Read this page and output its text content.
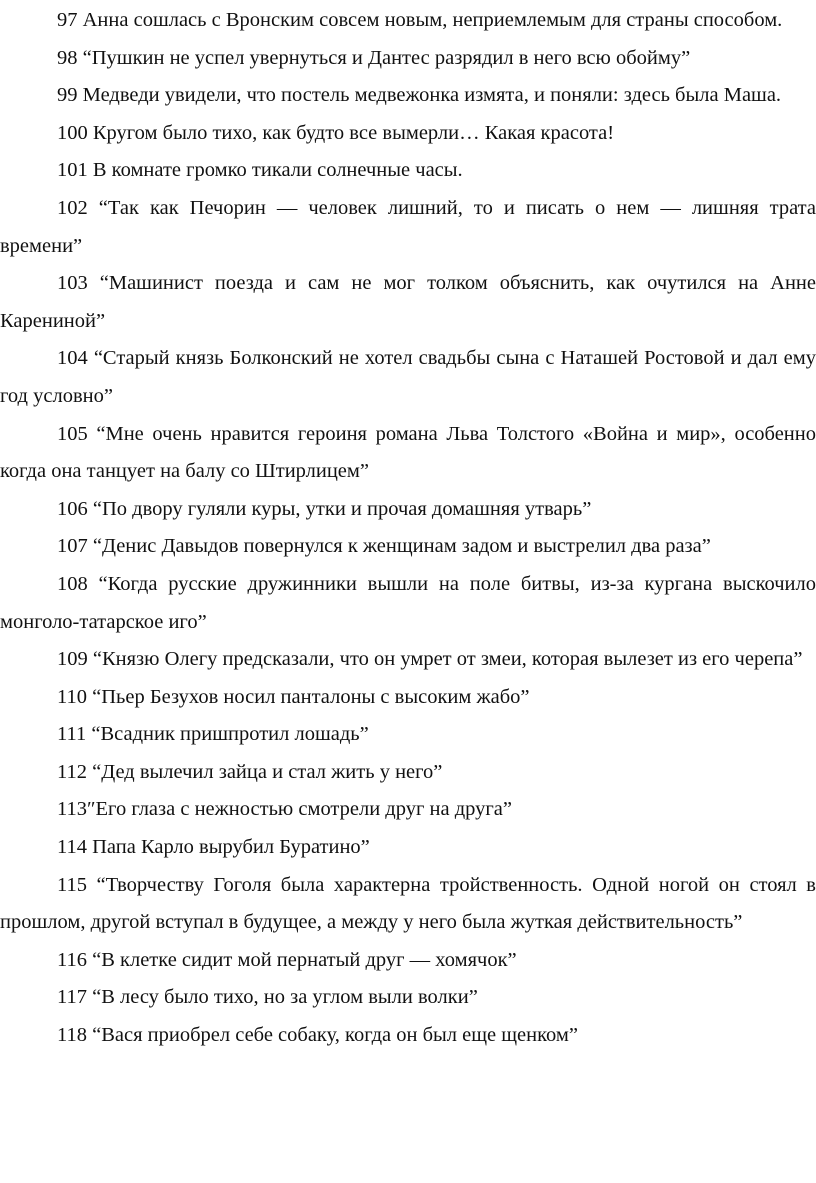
97 Анна сошлась с Вронским совсем новым, неприемлемым для страны способом.

98 “Пушкин не успел увернуться и Дантес разрядил в него всю обойму”

99 Медведи увидели, что постель медвежонка измята, и поняли: здесь была Маша.

100 Кругом было тихо, как будто все вымерли… Какая красота!

101 В комнате громко тикали солнечные часы.

102 “Так как Печорин — человек лишний, то и писать о нем — лишняя трата времени”

103 “Машинист поезда и сам не мог толком объяснить, как очутился на Анне Карениной”

104 “Старый князь Болконский не хотел свадьбы сына с Наташей Ростовой и дал ему год условно”

105 “Мне очень нравится героиня романа Льва Толстого «Война и мир», особенно когда она танцует на балу со Штирлицем”

106 “По двору гуляли куры, утки и прочая домашняя утварь”

107 “Денис Давыдов повернулся к женщинам задом и выстрелил два раза”

108 “Когда русские дружинники вышли на поле битвы, из-за кургана выскочило монголо-татарское иго”

109 “Князю Олегу предсказали, что он умрет от змеи, которая вылезет из его черепа”

110 “Пьер Безухов носил панталоны с высоким жабо”

111 “Всадник пришпротил лошадь”

112 “Дед вылечил зайца и стал жить у него”

113″Его глаза с нежностью смотрели друг на друга”

114 Папа Карло вырубил Буратино”

115 “Творчеству Гоголя была характерна тройственность. Одной ногой он стоял в прошлом, другой вступал в будущее, а между у него была жуткая действительность”

116 “В клетке сидит мой пернатый друг — хомячок”

117 “В лесу было тихо, но за углом выли волки”

118 “Вася приобрел себе собаку, когда он был еще щенком”
